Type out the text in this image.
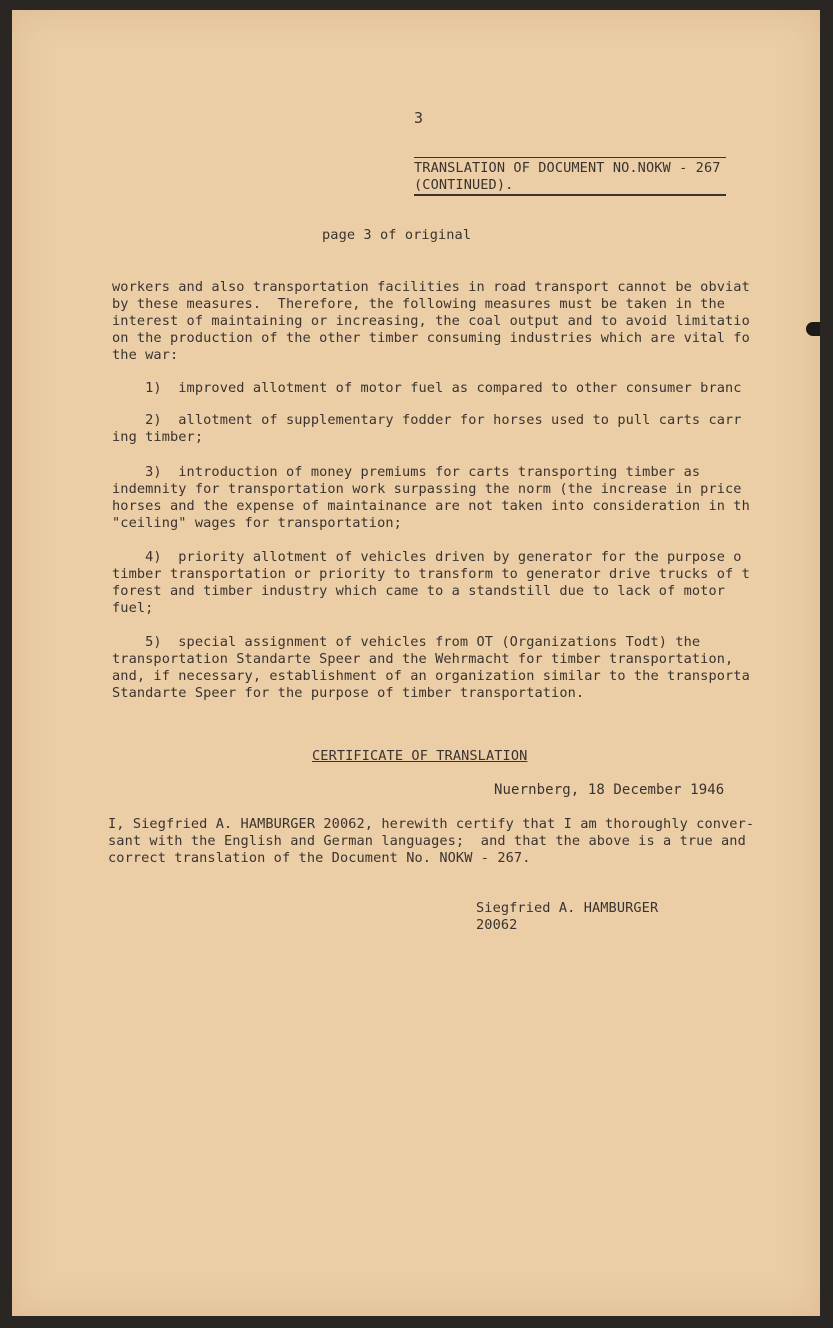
3
TRANSLATION OF DOCUMENT NO.NOKW - 267
(CONTINUED).
page 3 of original
workers and also transportation facilities in road transport cannot be obviat
by these measures.  Therefore, the following measures must be taken in the
interest of maintaining or increasing, the coal output and to avoid limitatio
on the production of the other timber consuming industries which are vital fo
the war:
1)  improved allotment of motor fuel as compared to other consumer branc
2)  allotment of supplementary fodder for horses used to pull carts carr
ing timber;
3)  introduction of money premiums for carts transporting timber as
indemnity for transportation work surpassing the norm (the increase in price
horses and the expense of maintainance are not taken into consideration in th
"ceiling" wages for transportation;
4)  priority allotment of vehicles driven by generator for the purpose o
timber transportation or priority to transform to generator drive trucks of t
forest and timber industry which came to a standstill due to lack of motor
fuel;
5)  special assignment of vehicles from OT (Organizations Todt) the
transportation Standarte Speer and the Wehrmacht for timber transportation,
and, if necessary, establishment of an organization similar to the transporta
Standarte Speer for the purpose of timber transportation.
CERTIFICATE OF TRANSLATION
Nuernberg, 18 December 1946
I, Siegfried A. HAMBURGER 20062, herewith certify that I am thoroughly conver-
sant with the English and German languages;  and that the above is a true and
correct translation of the Document No. NOKW - 267.
Siegfried A. HAMBURGER
20062
